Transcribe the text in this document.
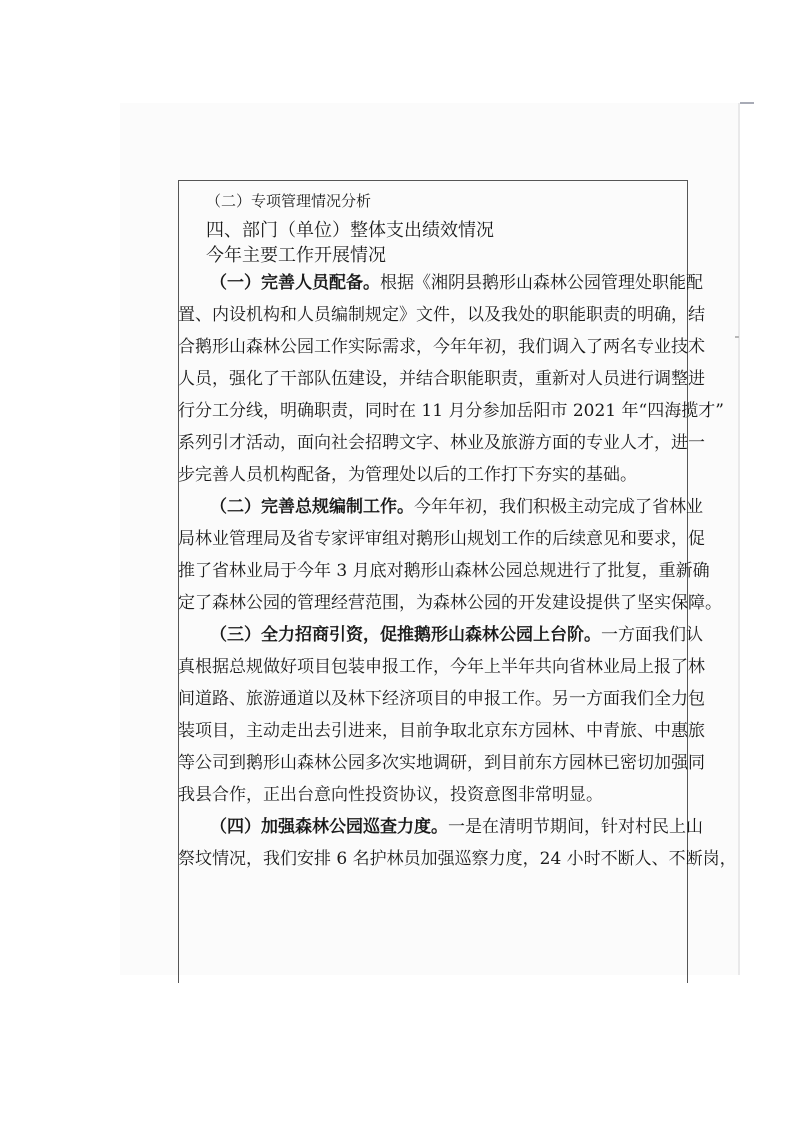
（二）专项管理情况分析
四、部门（单位）整体支出绩效情况
今年主要工作开展情况
（一）完善人员配备。根据《湘阴县鹅形山森林公园管理处职能配
置、内设机构和人员编制规定》文件，以及我处的职能职责的明确，结
合鹅形山森林公园工作实际需求，今年年初，我们调入了两名专业技术
人员，强化了干部队伍建设，并结合职能职责，重新对人员进行调整进
行分工分线，明确职责，同时在 11 月分参加岳阳市 2021 年“四海揽才”
系列引才活动，面向社会招聘文字、林业及旅游方面的专业人才，进一
步完善人员机构配备，为管理处以后的工作打下夯实的基础。
（二）完善总规编制工作。今年年初，我们积极主动完成了省林业
局林业管理局及省专家评审组对鹅形山规划工作的后续意见和要求，促
推了省林业局于今年 3 月底对鹅形山森林公园总规进行了批复，重新确
定了森林公园的管理经营范围，为森林公园的开发建设提供了坚实保障。
（三）全力招商引资，促推鹅形山森林公园上台阶。一方面我们认
真根据总规做好项目包装申报工作，今年上半年共向省林业局上报了林
间道路、旅游通道以及林下经济项目的申报工作。另一方面我们全力包
装项目，主动走出去引进来，目前争取北京东方园林、中青旅、中惠旅
等公司到鹅形山森林公园多次实地调研，到目前东方园林已密切加强同
我县合作，正出台意向性投资协议，投资意图非常明显。
（四）加强森林公园巡查力度。一是在清明节期间，针对村民上山
祭坟情况，我们安排 6 名护林员加强巡察力度，24 小时不断人、不断岗，
